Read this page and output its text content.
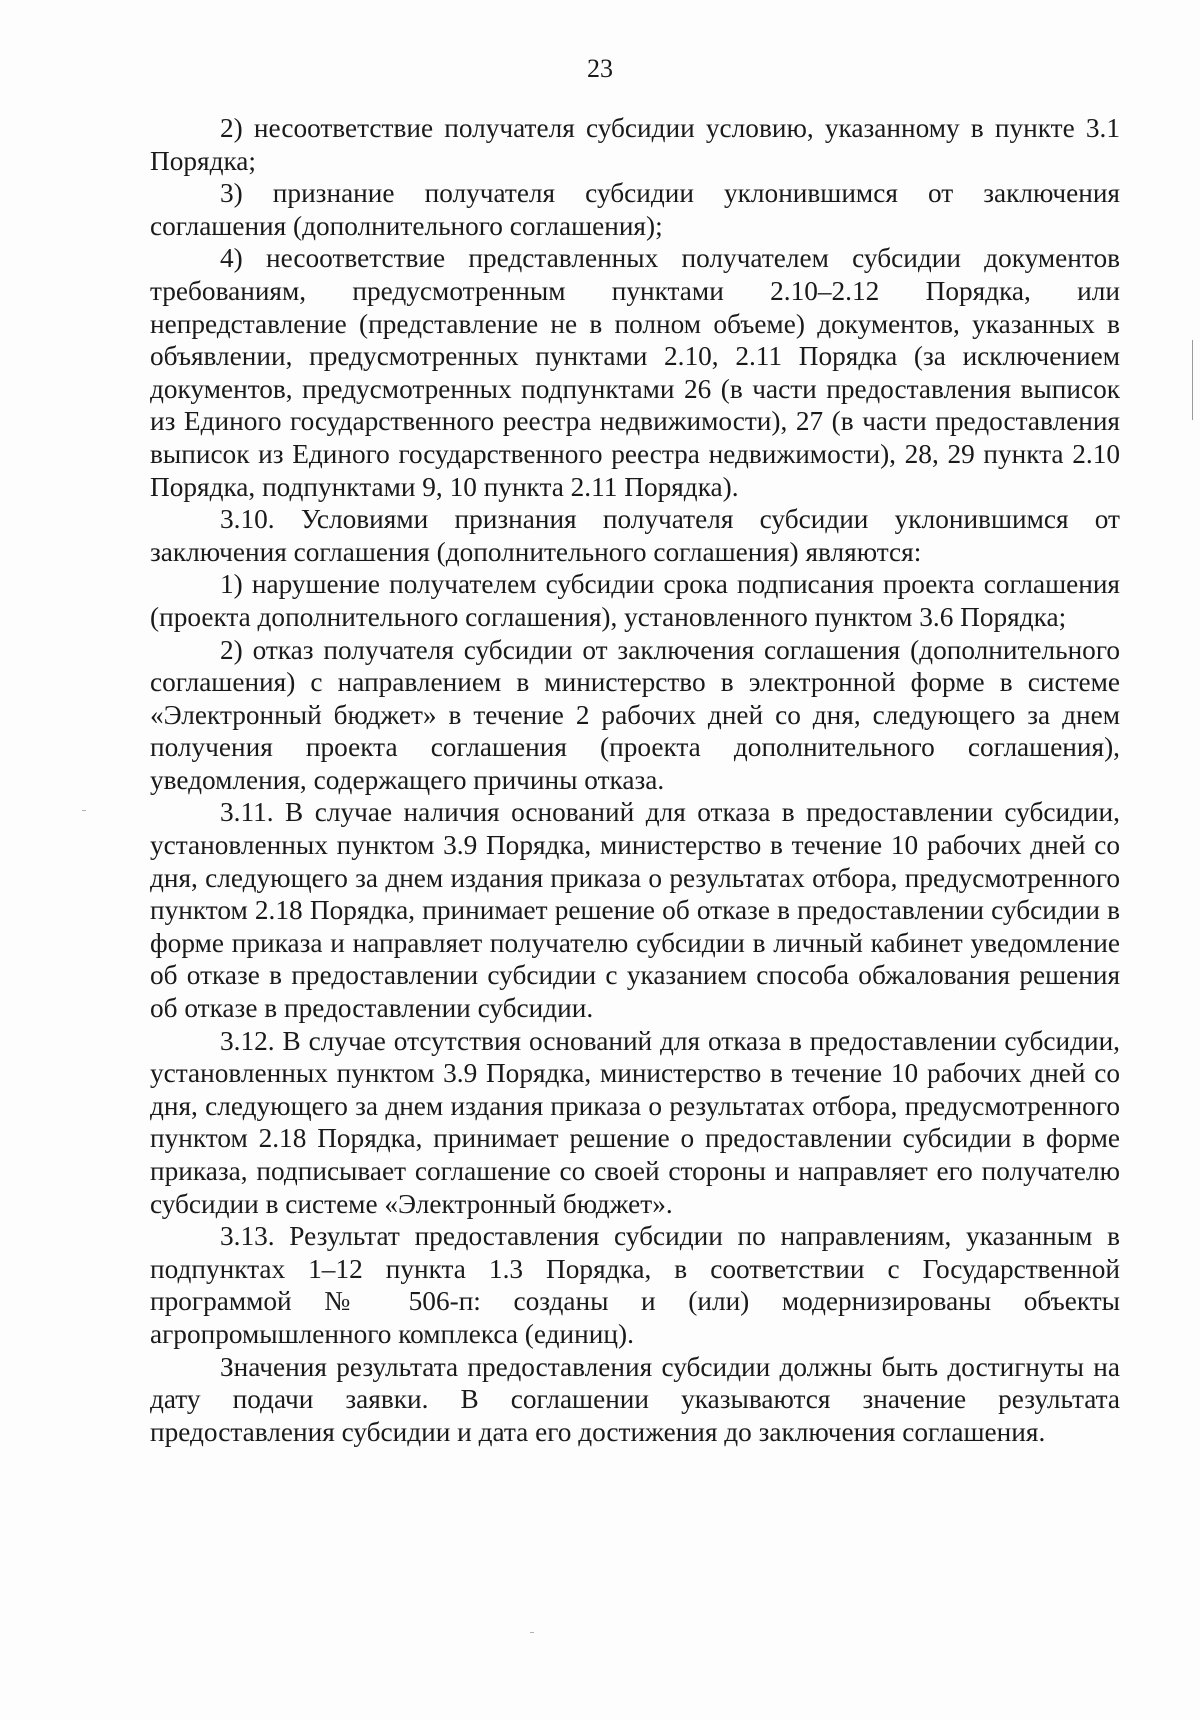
23

2) несоответствие получателя субсидии условию, указанному в пункте 3.1 Порядка;

3) признание получателя субсидии уклонившимся от заключения соглашения (дополнительного соглашения);

4) несоответствие представленных получателем субсидии документов требованиям, предусмотренным пунктами 2.10–2.12 Порядка, или непредставление (представление не в полном объеме) документов, указанных в объявлении, предусмотренных пунктами 2.10, 2.11 Порядка (за исключением документов, предусмотренных подпунктами 26 (в части предоставления выписок из Единого государственного реестра недвижимости), 27 (в части предоставления выписок из Единого государственного реестра недвижимости), 28, 29 пункта 2.10 Порядка, подпунктами 9, 10 пункта 2.11 Порядка).

3.10. Условиями признания получателя субсидии уклонившимся от заключения соглашения (дополнительного соглашения) являются:

1) нарушение получателем субсидии срока подписания проекта соглашения (проекта дополнительного соглашения), установленного пунктом 3.6 Порядка;

2) отказ получателя субсидии от заключения соглашения (дополнительного соглашения) с направлением в министерство в электронной форме в системе «Электронный бюджет» в течение 2 рабочих дней со дня, следующего за днем получения проекта соглашения (проекта дополнительного соглашения), уведомления, содержащего причины отказа.

3.11. В случае наличия оснований для отказа в предоставлении субсидии, установленных пунктом 3.9 Порядка, министерство в течение 10 рабочих дней со дня, следующего за днем издания приказа о результатах отбора, предусмотренного пунктом 2.18 Порядка, принимает решение об отказе в предоставлении субсидии в форме приказа и направляет получателю субсидии в личный кабинет уведомление об отказе в предоставлении субсидии с указанием способа обжалования решения об отказе в предоставлении субсидии.

3.12. В случае отсутствия оснований для отказа в предоставлении субсидии, установленных пунктом 3.9 Порядка, министерство в течение 10 рабочих дней со дня, следующего за днем издания приказа о результатах отбора, предусмотренного пунктом 2.18 Порядка, принимает решение о предоставлении субсидии в форме приказа, подписывает соглашение со своей стороны и направляет его получателю субсидии в системе «Электронный бюджет».

3.13. Результат предоставления субсидии по направлениям, указанным в подпунктах 1–12 пункта 1.3 Порядка, в соответствии с Государственной программой № 506-п: созданы и (или) модернизированы объекты агропромышленного комплекса (единиц).

Значения результата предоставления субсидии должны быть достигнуты на дату подачи заявки. В соглашении указываются значение результата предоставления субсидии и дата его достижения до заключения соглашения.
